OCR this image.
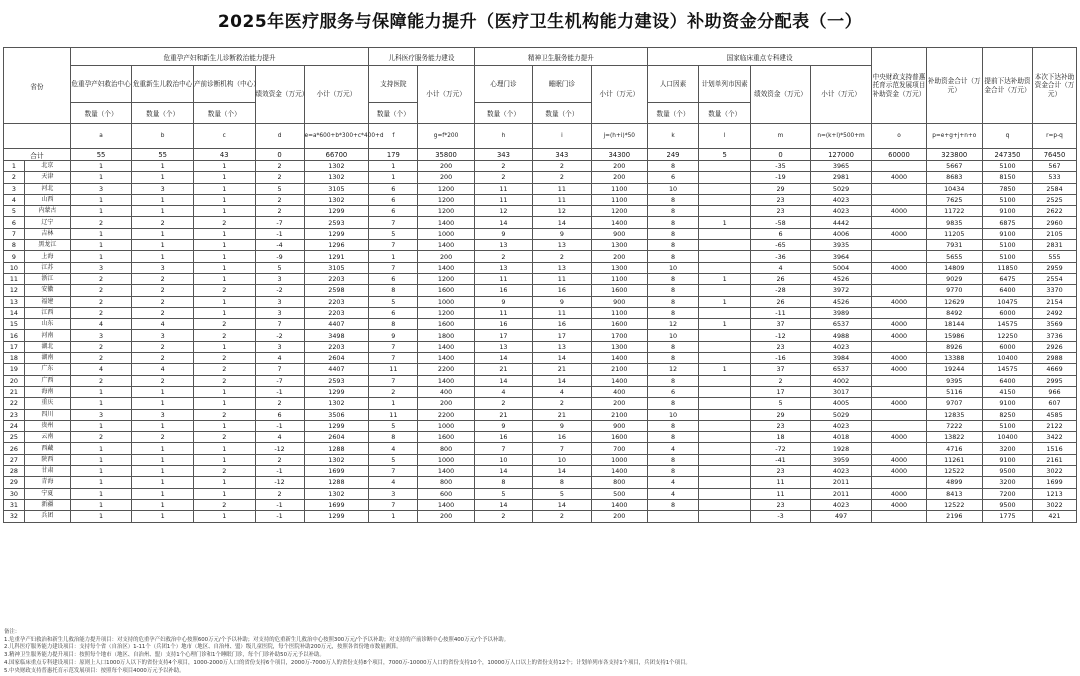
2025年医疗服务与保障能力提升（医疗卫生机构能力建设）补助资金分配表（一）
省份		危重孕产妇和新生儿诊断救治能力提升					儿科医疗服务能力建设		精神卫生服务能力提升			国家临床重点专科建设				中央财政支持普惠托育示范发展项目补助资金（万元）	补助资金合计（万元）	提前下达补助资金合计（万元）	本次下达补助资金合计（万元）
		危重孕产妇救治中心	危重新生儿救治中心	产前诊断机构（中心）	绩效资金（万元）	小计（万元）	支持医院	小计（万元）	心理门诊	睡眠门诊	小计（万元）	人口因素	计划单列市因素	绩效资金（万元）	小计（万元）				
		数量（个）	数量（个）	数量（个）			数量（个）		数量（个）	数量（个）		数量（个）	数量（个）						
		a	b	c	d	e=a*600+b*300+c*400+d	f	g=f*200	h	i	j=(h+i)*50	k	l	m	n=(k+l)*500+m	o	p=e+g+j+n+o	q	r=p-q
合计		55	55	43	0	66700	179	35800	343	343	34300	249	5	0	127000	60000	323800	247350	76450
1	北京	1	1	1	2	1302	1	200	2	2	200	8		-35	3965		5667	5100	567
2	天津	1	1	1	2	1302	1	200	2	2	200	6		-19	2981	4000	8683	8150	533
3	河北	3	3	1	5	3105	6	1200	11	11	1100	10		29	5029		10434	7850	2584
4	山西	1	1	1	2	1302	6	1200	11	11	1100	8		23	4023		7625	5100	2525
5	内蒙古	1	1	1	2	1299	6	1200	12	12	1200	8		23	4023	4000	11722	9100	2622
6	辽宁	2	2	2	-7	2593	7	1400	14	14	1400	8	1	-58	4442		9835	6875	2960
7	吉林	1	1	1	-1	1299	5	1000	9	9	900	8		6	4006	4000	11205	9100	2105
8	黑龙江	1	1	1	-4	1296	7	1400	13	13	1300	8		-65	3935		7931	5100	2831
9	上海	1	1	1	-9	1291	1	200	2	2	200	8		-36	3964		5655	5100	555
10	江苏	3	3	1	5	3105	7	1400	13	13	1300	10		4	5004	4000	14809	11850	2959
11	浙江	2	2	1	3	2203	6	1200	11	11	1100	8	1	26	4526		9029	6475	2554
12	安徽	2	2	2	-2	2598	8	1600	16	16	1600	8		-28	3972		9770	6400	3370
13	福建	2	2	1	3	2203	5	1000	9	9	900	8	1	26	4526	4000	12629	10475	2154
14	江西	2	2	1	3	2203	6	1200	11	11	1100	8		-11	3989		8492	6000	2492
15	山东	4	4	2	7	4407	8	1600	16	16	1600	12	1	37	6537	4000	18144	14575	3569
16	河南	3	3	2	-2	3498	9	1800	17	17	1700	10		-12	4988	4000	15986	12250	3736
17	湖北	2	2	1	3	2203	7	1400	13	13	1300	8		23	4023		8926	6000	2926
18	湖南	2	2	2	4	2604	7	1400	14	14	1400	8		-16	3984	4000	13388	10400	2988
19	广东	4	4	2	7	4407	11	2200	21	21	2100	12	1	37	6537	4000	19244	14575	4669
20	广西	2	2	2	-7	2593	7	1400	14	14	1400	8		2	4002		9395	6400	2995
21	海南	1	1	1	-1	1299	2	400	4	4	400	6		17	3017		5116	4150	966
22	重庆	1	1	1	2	1302	1	200	2	2	200	8		5	4005	4000	9707	9100	607
23	四川	3	3	2	6	3506	11	2200	21	21	2100	10		29	5029		12835	8250	4585
24	贵州	1	1	1	-1	1299	5	1000	9	9	900	8		23	4023		7222	5100	2122
25	云南	2	2	2	4	2604	8	1600	16	16	1600	8		18	4018	4000	13822	10400	3422
26	西藏	1	1	1	-12	1288	4	800	7	7	700	4		-72	1928		4716	3200	1516
27	陕西	1	1	1	2	1302	5	1000	10	10	1000	8		-41	3959	4000	11261	9100	2161
28	甘肃	1	1	2	-1	1699	7	1400	14	14	1400	8		23	4023	4000	12522	9500	3022
29	青海	1	1	1	-12	1288	4	800	8	8	800	4		11	2011		4899	3200	1699
30	宁夏	1	1	1	2	1302	3	600	5	5	500	4		11	2011	4000	8413	7200	1213
31	新疆	1	1	2	-1	1699	7	1400	14	14	1400	8		23	4023	4000	12522	9500	3022
32	兵团	1	1	1	-1	1299	1	200	2	2	200			-3	497		2196	1775	421
备注：
1.危重孕产妇救治和新生儿救治能力提升项目：对支持的危重孕产妇救治中心按照600万元/个予以补助；对支持的危重新生儿救治中心按照300万元/个予以补助；对支持的产前诊断中心按照400万元/个予以补助。
2.儿科医疗服务能力建设项目：支持每个省（自治区）1-11个（兵团1个）地市（地区、自治州、盟）级儿童医院，每个医院补助200万元，按照各省份地市数量测算。
3.精神卫生服务能力提升项目：按照每个地市（地区、自治州、盟）支持1个心理门诊和1个睡眠门诊，每个门诊补助50万元予以补助。
4.国家临床重点专科建设项目：原则上人口1000万人以下的省份支持4个项目，1000-2000万人口的省份支持6个项目，2000万-7000万人的省份支持8个项目，7000万-10000万人口的省份支持10个，10000万人口以上的省份支持12个；计划单列市各支持1个项目，兵团支持1个项目。
5.中央财政支持普惠托育示范发展项目：按照每个项目4000万元予以补助。
